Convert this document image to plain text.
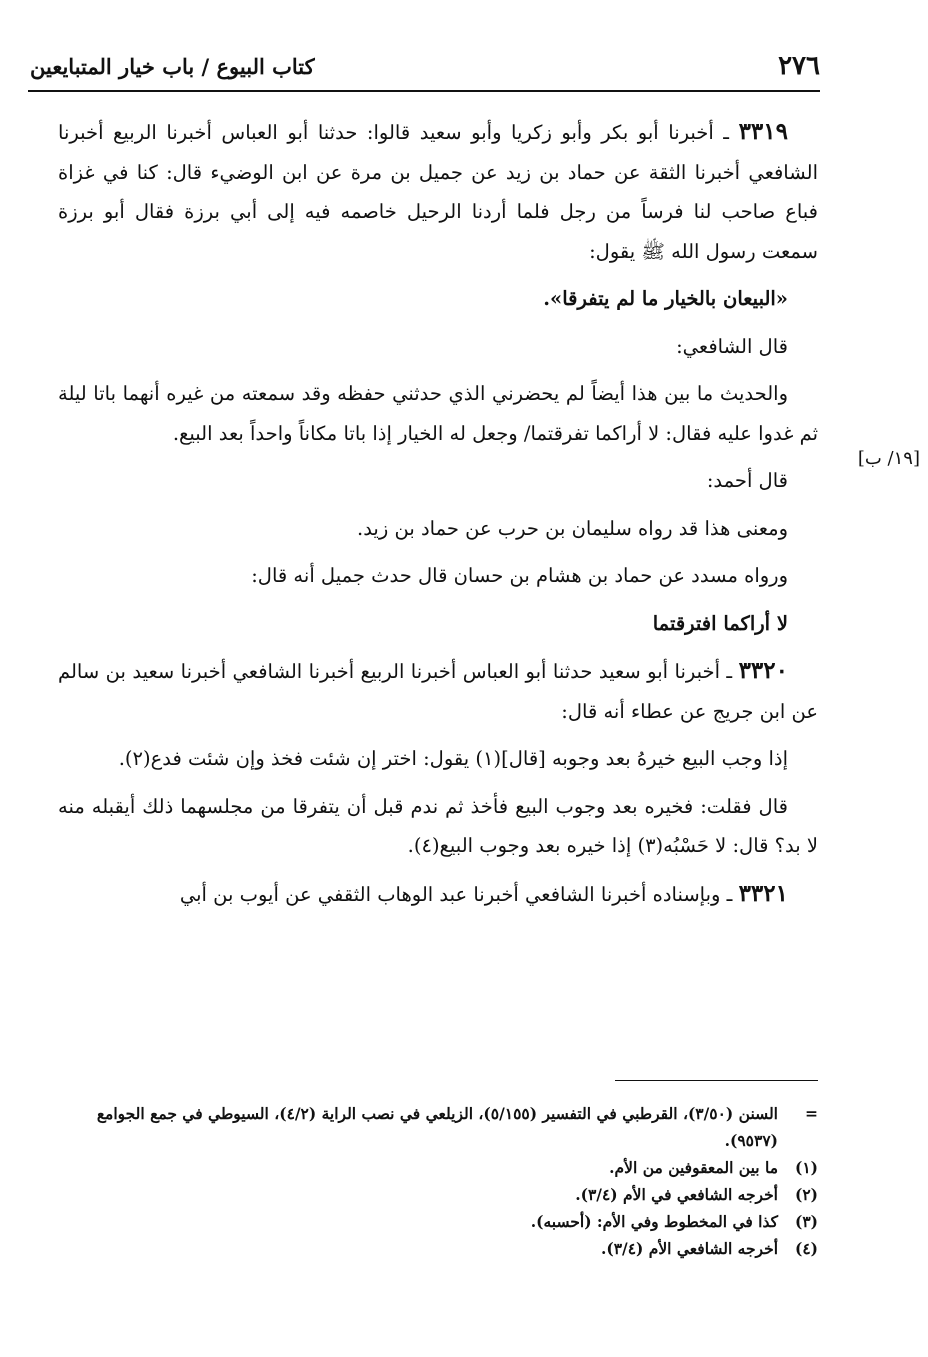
٢٧٦
كتاب البيوع / باب خيار المتبايعين
[١٩/ ب]

٣٣١٩ ـ أخبرنا أبو بكر وأبو زكريا وأبو سعيد قالوا: حدثنا أبو العباس أخبرنا الربيع أخبرنا الشافعي أخبرنا الثقة عن حماد بن زيد عن جميل بن مرة عن ابن الوضيء قال: كنا في غزاة فباع صاحب لنا فرساً من رجل فلما أردنا الرحيل خاصمه فيه إلى أبي برزة فقال أبو برزة سمعت رسول الله ﷺ يقول:

«البيعان بالخيار ما لم يتفرقا».

قال الشافعي:

والحديث ما بين هذا أيضاً لم يحضرني الذي حدثني حفظه وقد سمعته من غيره أنهما باتا ليلة ثم غدوا عليه فقال: لا أراكما تفرقتما/ وجعل له الخيار إذا باتا مكاناً واحداً بعد البيع.

قال أحمد:

ومعنى هذا قد رواه سليمان بن حرب عن حماد بن زيد.

ورواه مسدد عن حماد بن هشام بن حسان قال حدث جميل أنه قال:

لا أراكما افترقتما

٣٣٢٠ ـ أخبرنا أبو سعيد حدثنا أبو العباس أخبرنا الربيع أخبرنا الشافعي أخبرنا سعيد بن سالم عن ابن جريج عن عطاء أنه قال:

إذا وجب البيع خيرهُ بعد وجوبه [قال](١) يقول: اختر إن شئت فخذ وإن شئت فدع(٢).

قال فقلت: فخيره بعد وجوب البيع فأخذ ثم ندم قبل أن يتفرقا من مجلسهما ذلك أيقبله منه لا بد؟ قال: لا حَسْبُه(٣) إذا خيره بعد وجوب البيع(٤).

٣٣٢١ ـ وبإسناده أخبرنا الشافعي أخبرنا عبد الوهاب الثقفي عن أيوب بن أبي

=
السنن (٣/٥٠)، القرطبي في التفسير (٥/١٥٥)، الزيلعي في نصب الراية (٤/٢)، السيوطي في جمع الجوامع (٩٥٣٧).
(١)
ما بين المعقوفين من الأم.
(٢)
أخرجه الشافعي في الأم (٣/٤).
(٣)
كذا في المخطوط وفي الأم: (أحسبه).
(٤)
أخرجه الشافعي الأم (٣/٤).
